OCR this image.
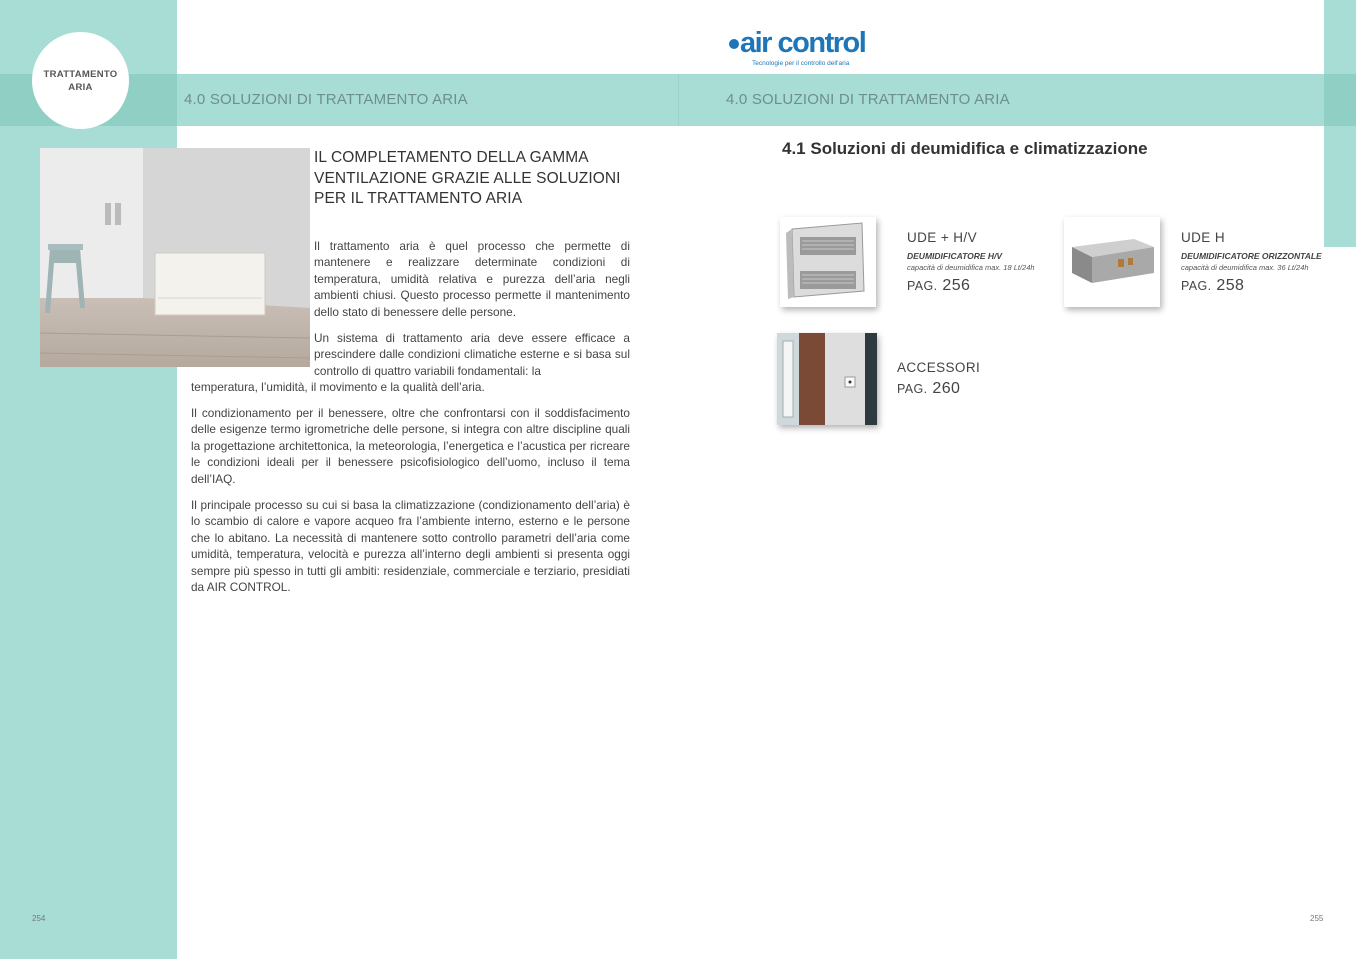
TRATTAMENTO
ARIA
4.0 SOLUZIONI DI TRATTAMENTO ARIA	4.0 SOLUZIONI DI TRATTAMENTO ARIA
air control
Tecnologie per il controllo dell'aria
IL COMPLETAMENTO DELLA GAMMA
VENTILAZIONE GRAZIE ALLE SOLUZIONI
PER IL TRATTAMENTO ARIA
Il trattamento aria è quel processo che permette di mantenere e realizzare determinate condizioni di temperatura, umidità relativa e purezza dell’aria negli ambienti chiusi. Questo processo permette il mantenimento dello stato di benessere delle persone.
Un sistema di trattamento aria deve essere efficace a prescindere dalle condizioni climatiche esterne e si basa sul controllo di quattro variabili fondamentali: la
temperatura, l’umidità, il movimento e la qualità dell’aria.
Il condizionamento per il benessere, oltre che confrontarsi con il soddisfacimento delle esigenze termo igrometriche delle persone, si integra con altre discipline quali la progettazione architettonica, la meteorologia, l’energetica e l’acustica per ricreare le condizioni ideali per il benessere psicofisiologico dell’uomo, incluso il tema dell’IAQ.
Il principale processo su cui si basa la climatizzazione (condizionamento dell’aria) è lo scambio di calore e vapore acqueo fra l’ambiente interno, esterno e le persone che lo abitano. La necessità di mantenere sotto controllo parametri dell’aria come umidità, temperatura, velocità e purezza all’interno degli ambienti si presenta oggi sempre più spesso in tutti gli ambiti: residenziale, commerciale e terziario, presidiati da AIR CONTROL.
4.1 Soluzioni di deumidifica e climatizzazione
UDE + H/V
DEUMIDIFICATORE H/V
capacità di deumidifica max. 18 Lt/24h
PAG. 256
UDE H
DEUMIDIFICATORE ORIZZONTALE
capacità di deumidifica max. 36 Lt/24h
PAG. 258
ACCESSORI
PAG. 260
254	255
